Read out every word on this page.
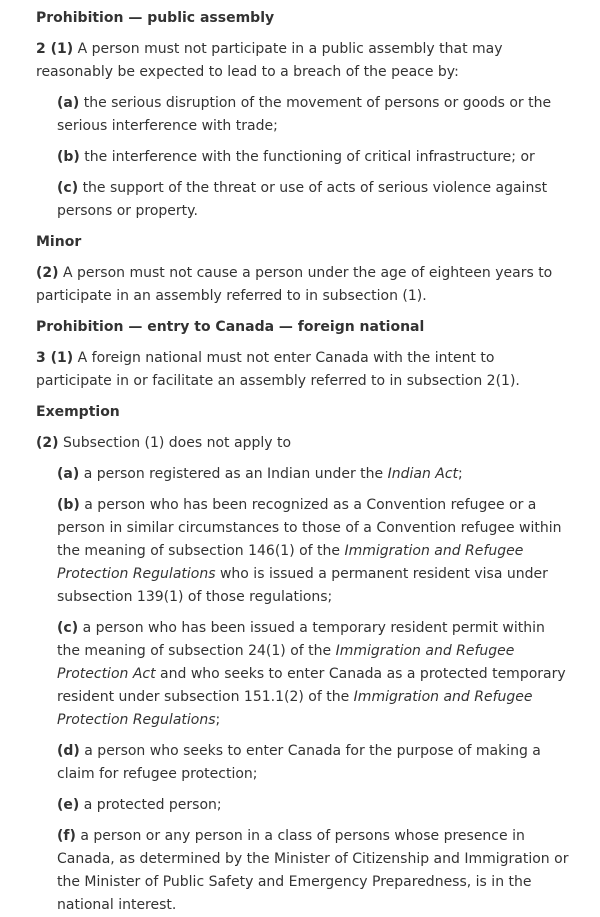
Prohibition — public assembly
2 (1) A person must not participate in a public assembly that may reasonably be expected to lead to a breach of the peace by:
(a) the serious disruption of the movement of persons or goods or the serious interference with trade;
(b) the interference with the functioning of critical infrastructure; or
(c) the support of the threat or use of acts of serious violence against persons or property.
Minor
(2) A person must not cause a person under the age of eighteen years to participate in an assembly referred to in subsection (1).
Prohibition — entry to Canada — foreign national
3 (1) A foreign national must not enter Canada with the intent to participate in or facilitate an assembly referred to in subsection 2(1).
Exemption
(2) Subsection (1) does not apply to
(a) a person registered as an Indian under the Indian Act;
(b) a person who has been recognized as a Convention refugee or a person in similar circumstances to those of a Convention refugee within the meaning of subsection 146(1) of the Immigration and Refugee Protection Regulations who is issued a permanent resident visa under subsection 139(1) of those regulations;
(c) a person who has been issued a temporary resident permit within the meaning of subsection 24(1) of the Immigration and Refugee Protection Act and who seeks to enter Canada as a protected temporary resident under subsection 151.1(2) of the Immigration and Refugee Protection Regulations;
(d) a person who seeks to enter Canada for the purpose of making a claim for refugee protection;
(e) a protected person;
(f) a person or any person in a class of persons whose presence in Canada, as determined by the Minister of Citizenship and Immigration or the Minister of Public Safety and Emergency Preparedness, is in the national interest.
